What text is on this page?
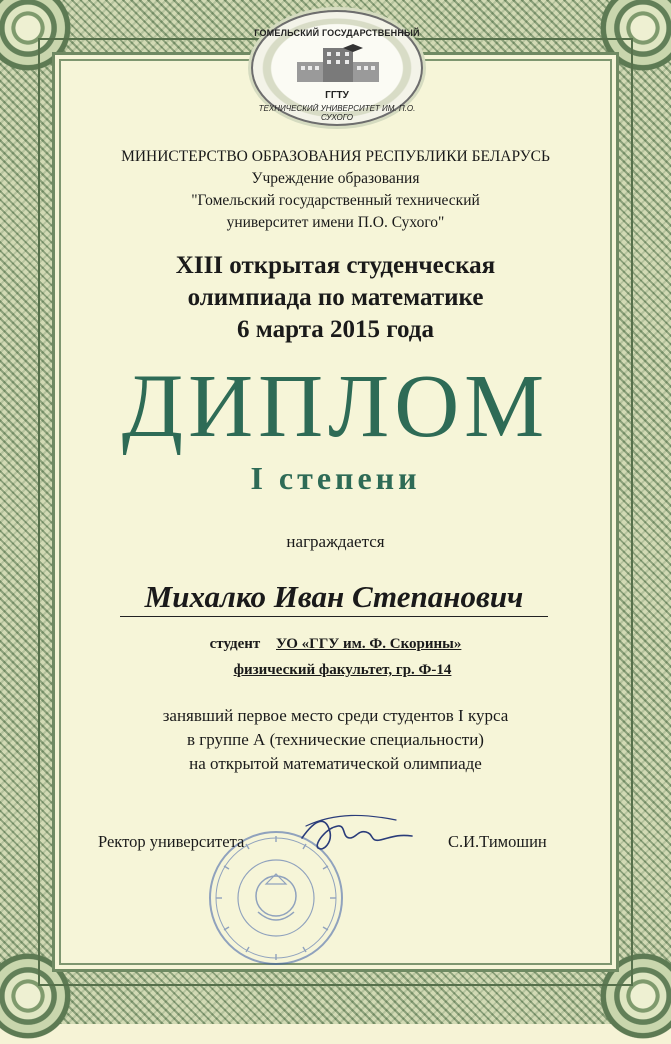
ГОМЕЛЬСКИЙ ГОСУДАРСТВЕННЫЙ
ГГТУ
ТЕХНИЧЕСКИЙ УНИВЕРСИТЕТ ИМ. П.О. СУХОГО
МИНИСТЕРСТВО ОБРАЗОВАНИЯ РЕСПУБЛИКИ БЕЛАРУСЬ
Учреждение образования
"Гомельский государственный технический
университет имени П.О. Сухого"
XIII открытая студенческая
олимпиада по математике
6 марта 2015 года
ДИПЛОМ
I степени
награждается
Михалко Иван Степанович
студент УО «ГГУ им. Ф. Скорины»
физический факультет, гр. Ф-14
занявший первое место среди студентов I курса
в группе А (технические специальности)
на открытой математической олимпиаде
Ректор университета	С.И.Тимошин
